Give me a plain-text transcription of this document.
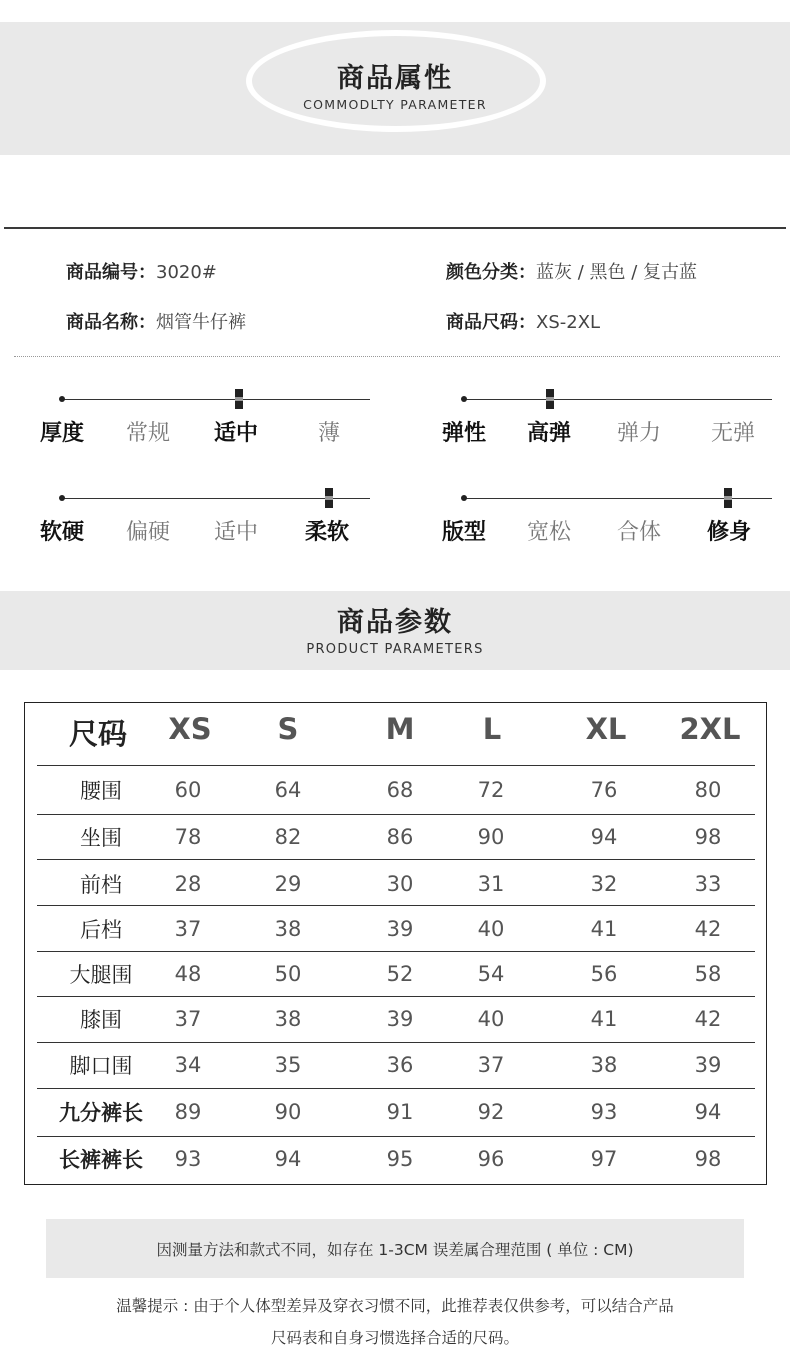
商品属性
COMMODLTY PARAMETER
商品编号：3020#	颜色分类：蓝灰 / 黑色 / 复古蓝
商品名称：烟管牛仔裤	商品尺码：XS-2XL
厚度 常规 适中	薄	弹性 高弹 弹力 无弹
软硬 偏硬 适中 柔软	版型 宽松 合体 修身
商品参数
PRODUCT PARAMETERS
尺码	XS	S	M	L	XL	2XL
腰围	60	64	68	72	76	80
坐围	78	82	86	90	94	98
前档	28	29	30	31	32	33
后档	37	38	39	40	41	42
大腿围	48	50	52	54	56	58
膝围	37	38	39	40	41	42
脚口围	34	35	36	37	38	39
九分裤长	89	90	91	92	93	94
长裤裤长	93	94	95	96	97	98
因测量方法和款式不同，如存在 1-3CM 误差属合理范围 ( 单位 : CM)
温馨提示 : 由于个人体型差异及穿衣习惯不同，此推荐表仅供参考，可以结合产品
尺码表和自身习惯选择合适的尺码。
